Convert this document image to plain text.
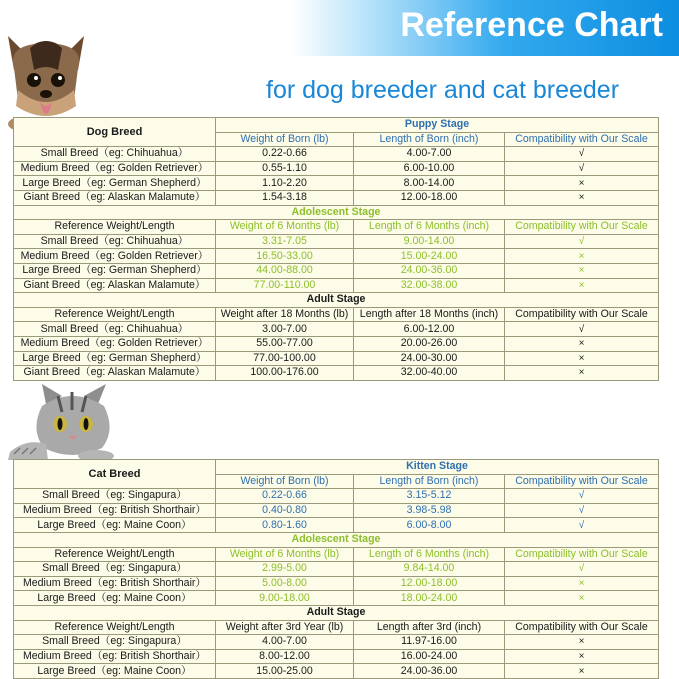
Reference Chart
for dog breeder and cat breeder
Dog Breed	Puppy Stage		
	Weight of Born (lb)	Length of Born (inch)	Compatibility with Our Scale
Small Breed（eg: Chihuahua）	0.22-0.66	4.00-7.00	√
Medium Breed（eg: Golden Retriever）	0.55-1.10	6.00-10.00	√
Large Breed（eg: German Shepherd）	1.10-2.20	8.00-14.00	×
Giant Breed（eg: Alaskan Malamute）	1.54-3.18	12.00-18.00	×
Adolescent Stage			
Reference Weight/Length	Weight of 6 Months (lb)	Length of 6 Months (inch)	Compatibility with Our Scale
Small Breed（eg: Chihuahua）	3.31-7.05	9.00-14.00	√
Medium Breed（eg: Golden Retriever）	16.50-33.00	15.00-24.00	×
Large Breed（eg: German Shepherd）	44.00-88.00	24.00-36.00	×
Giant Breed（eg: Alaskan Malamute）	77.00-110.00	32.00-38.00	×
Adult Stage			
Reference Weight/Length	Weight after 18 Months (lb)	Length after 18 Months (inch)	Compatibility with Our Scale
Small Breed（eg: Chihuahua）	3.00-7.00	6.00-12.00	√
Medium Breed（eg: Golden Retriever）	55.00-77.00	20.00-26.00	×
Large Breed（eg: German Shepherd）	77.00-100.00	24.00-30.00	×
Giant Breed（eg: Alaskan Malamute）	100.00-176.00	32.00-40.00	×
Cat Breed	Kitten Stage		
	Weight of Born (lb)	Length of Born (inch)	Compatibility with Our Scale
Small Breed（eg: Singapura）	0.22-0.66	3.15-5.12	√
Medium Breed（eg: British Shorthair）	0.40-0.80	3.98-5.98	√
Large Breed（eg: Maine Coon）	0.80-1.60	6.00-8.00	√
Adolescent Stage			
Reference Weight/Length	Weight of 6 Months (lb)	Length of 6 Months (inch)	Compatibility with Our Scale
Small Breed（eg: Singapura）	2.99-5.00	9.84-14.00	√
Medium Breed（eg: British Shorthair）	5.00-8.00	12.00-18.00	×
Large Breed（eg: Maine Coon）	9.00-18.00	18.00-24.00	×
Adult Stage			
Reference Weight/Length	Weight after 3rd Year (lb)	Length after 3rd (inch)	Compatibility with Our Scale
Small Breed（eg: Singapura）	4.00-7.00	11.97-16.00	×
Medium Breed（eg: British Shorthair）	8.00-12.00	16.00-24.00	×
Large Breed（eg: Maine Coon）	15.00-25.00	24.00-36.00	×
